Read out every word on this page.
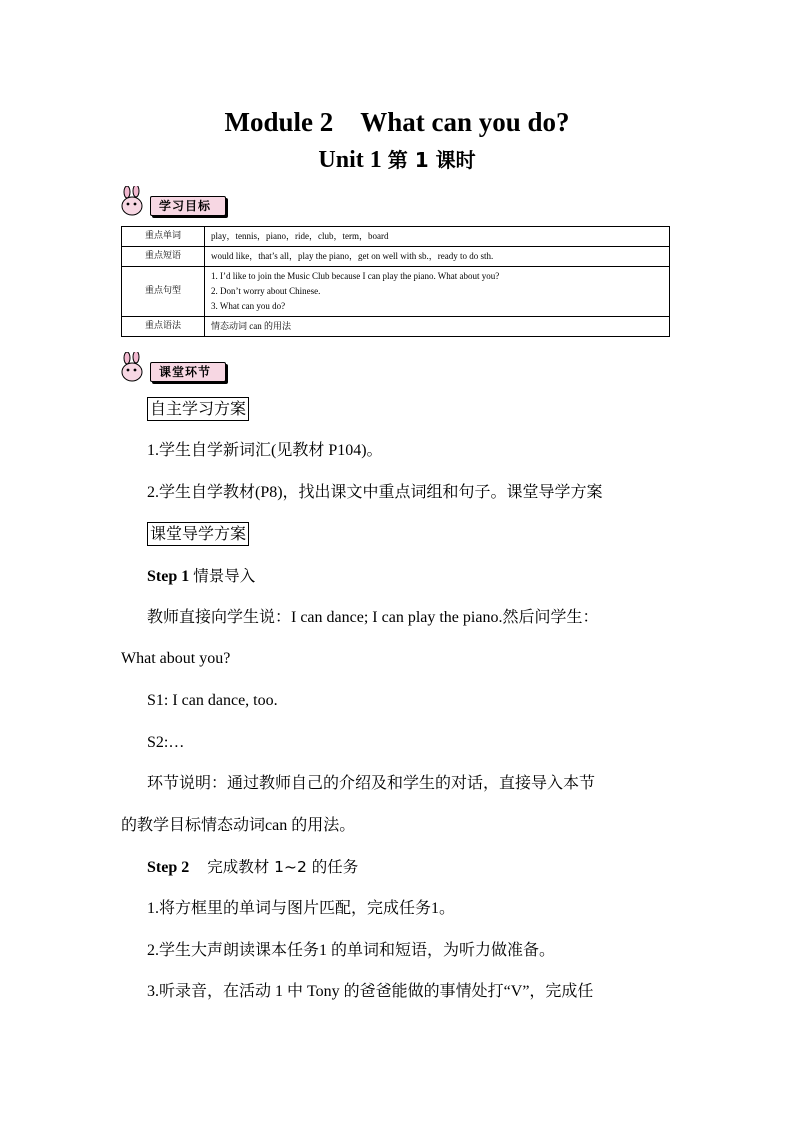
Module 2　What can you do?
Unit 1 第 1 课时
学习目标
重点单词	play，tennis，piano，ride，club，term，board
重点短语	would like，that’s all，play the piano，get on well with sb.，ready to do sth.
重点句型	1. I’d like to join the Music Club because I can play the piano. What about you?
2. Don’t worry about Chinese.
3. What can you do?

重点语法	情态动词 can 的用法
课堂环节
自主学习方案
1.学生自学新词汇(见教材 P104)。
2.学生自学教材(P8)，找出课文中重点词组和句子。课堂导学方案
课堂导学方案
Step 1 情景导入
教师直接向学生说：I can dance; I can play the piano.然后问学生：
What about you?
S1: I can dance, too.
S2:…
环节说明：通过教师自己的介绍及和学生的对话，直接导入本节
的教学目标情态动词can 的用法。
Step 2 完成教材 1~2 的任务
1.将方框里的单词与图片匹配，完成任务1。
2.学生大声朗读课本任务1 的单词和短语，为听力做准备。
3.听录音，在活动 1 中 Tony 的爸爸能做的事情处打“V”，完成任
